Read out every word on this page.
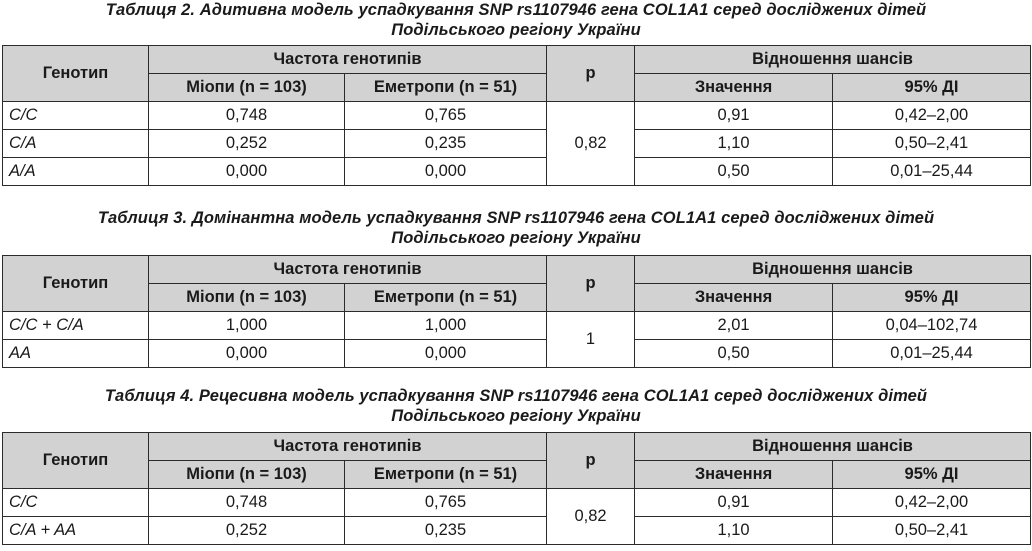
Таблиця 2. Адитивна модель успадкування SNP rs1107946 гена COL1A1 серед досліджених дітей
Подільського регіону України
Генотип	Частота генотипів		p	Відношення шансів	
	Міопи (n = 103)	Еметропи (n = 51)		Значення	95% ДІ
C/C	0,748	0,765	0,82	0,91	0,42–2,00
C/A	0,252	0,235		1,10	0,50–2,41
A/A	0,000	0,000		0,50	0,01–25,44
Таблиця 3. Домінантна модель успадкування SNP rs1107946 гена COL1A1 серед досліджених дітей
Подільського регіону України
Генотип	Частота генотипів		p	Відношення шансів	
	Міопи (n = 103)	Еметропи (n = 51)		Значення	95% ДІ
C/C + C/A	1,000	1,000	1	2,01	0,04–102,74
AA	0,000	0,000		0,50	0,01–25,44
Таблиця 4. Рецесивна модель успадкування SNP rs1107946 гена COL1A1 серед досліджених дітей
Подільського регіону України
Генотип	Частота генотипів		p	Відношення шансів	
	Міопи (n = 103)	Еметропи (n = 51)		Значення	95% ДІ
C/C	0,748	0,765	0,82	0,91	0,42–2,00
C/A + AA	0,252	0,235		1,10	0,50–2,41
